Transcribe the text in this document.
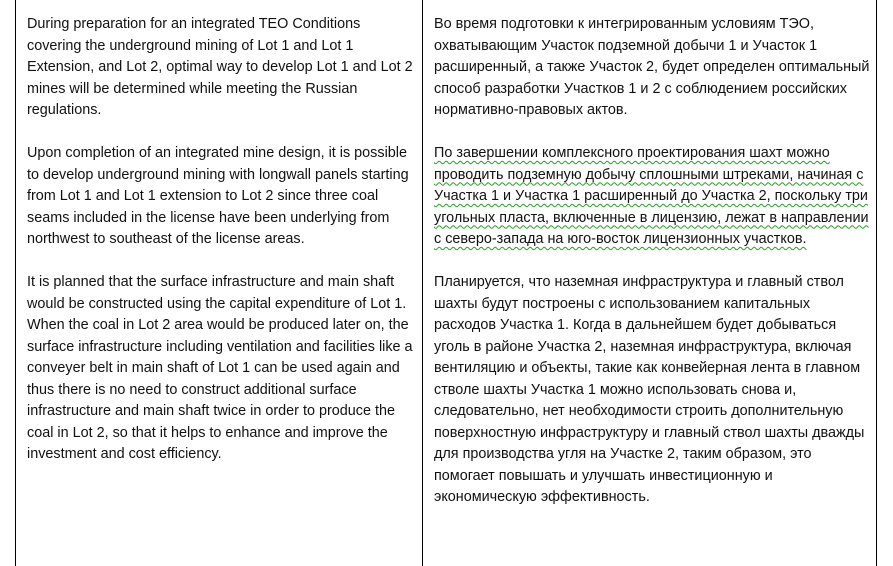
During preparation for an integrated TEO Conditions covering the underground mining of Lot 1 and Lot 1 Extension, and Lot 2, optimal way to develop Lot 1 and Lot 2 mines will be determined while meeting the Russian regulations.

Upon completion of an integrated mine design, it is possible to develop underground mining with longwall panels starting from Lot 1 and Lot 1 extension to Lot 2 since three coal seams included in the license have been underlying from northwest to southeast of the license areas.

It is planned that the surface infrastructure and main shaft would be constructed using the capital expenditure of Lot 1. When the coal in Lot 2 area would be produced later on, the surface infrastructure including ventilation and facilities like a conveyer belt in main shaft of Lot 1 can be used again and thus there is no need to construct additional surface infrastructure and main shaft twice in order to produce the coal in Lot 2, so that it helps to enhance and improve the investment and cost efficiency.

Во время подготовки к интегрированным условиям ТЭО, охватывающим Участок подземной добычи 1 и Участок 1 расширенный, а также Участок 2, будет определен оптимальный способ разработки Участков 1 и 2 с соблюдением российских нормативно-правовых актов.

По завершении комплексного проектирования шахт можно проводить подземную добычу сплошными штреками, начиная с Участка 1 и Участка 1 расширенный до Участка 2, поскольку три угольных пласта, включенные в лицензию, лежат в направлении с северо-запада на юго-восток лицензионных участков.

Планируется, что наземная инфраструктура и главный ствол шахты будут построены с использованием капитальных расходов Участка 1. Когда в дальнейшем будет добываться уголь в районе Участка 2, наземная инфраструктура, включая вентиляцию и объекты, такие как конвейерная лента в главном стволе шахты Участка 1 можно использовать снова и, следовательно, нет необходимости строить дополнительную поверхностную инфраструктуру и главный ствол шахты дважды для производства угля на Участке 2, таким образом, это помогает повышать и улучшать инвестиционную и экономическую эффективность.
